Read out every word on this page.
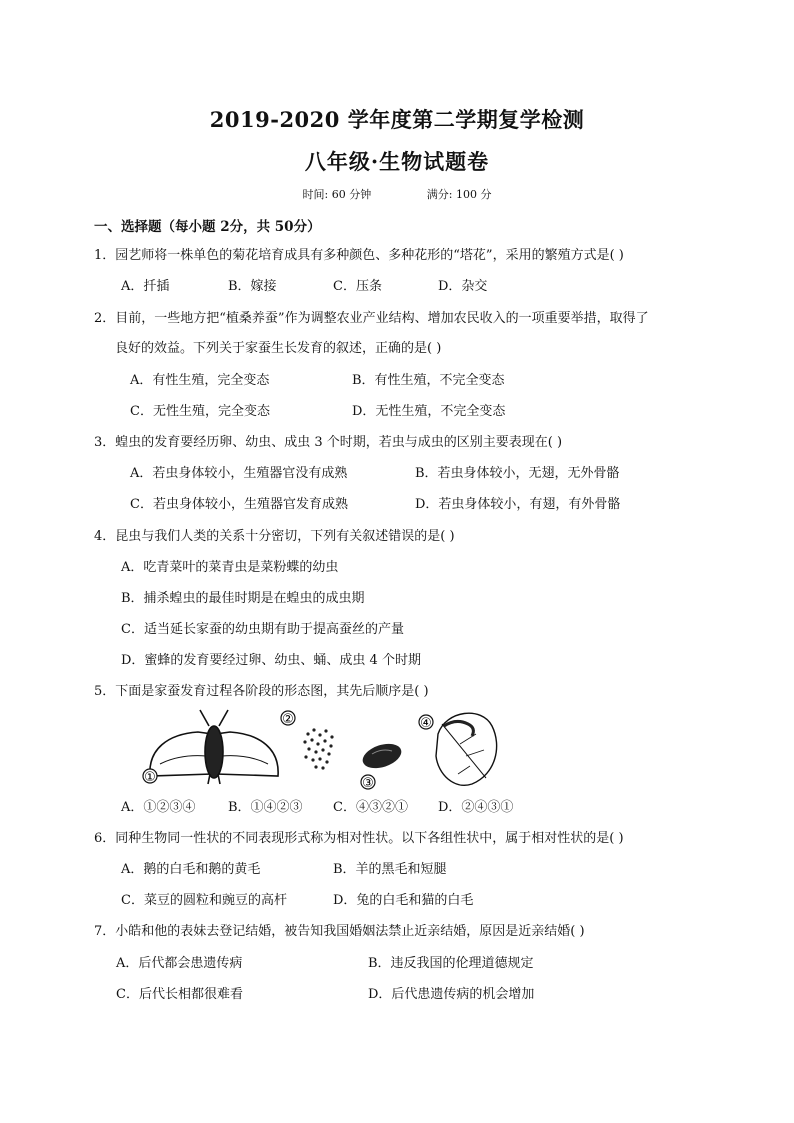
2019-2020 学年度第二学期复学检测
八年级·生物试题卷
时间: 60 分钟	满分: 100 分
一、选择题（每小题 2分，共 50分）
1．园艺师将一株单色的菊花培育成具有多种颜色、多种花形的“塔花”，采用的繁殖方式是( )
A．扦插	B．嫁接	C．压条	D．杂交
2．目前，一些地方把“植桑养蚕”作为调整农业产业结构、增加农民收入的一项重要举措，取得了
良好的效益。下列关于家蚕生长发育的叙述，正确的是( )
A．有性生殖，完全变态	B．有性生殖，不完全变态
C．无性生殖，完全变态	D．无性生殖，不完全变态
3．蝗虫的发育要经历卵、幼虫、成虫 3 个时期，若虫与成虫的区别主要表现在( )
A．若虫身体较小，生殖器官没有成熟	B．若虫身体较小，无翅，无外骨骼
C．若虫身体较小，生殖器官发育成熟	D．若虫身体较小，有翅，有外骨骼
4．昆虫与我们人类的关系十分密切，下列有关叙述错误的是( )
A．吃青菜叶的菜青虫是菜粉蝶的幼虫
B．捕杀蝗虫的最佳时期是在蝗虫的成虫期
C．适当延长家蚕的幼虫期有助于提高蚕丝的产量
D．蜜蜂的发育要经过卵、幼虫、蛹、成虫 4 个时期
5．下面是家蚕发育过程各阶段的形态图，其先后顺序是( )
①
②
③
④
A．①②③④	B．①④②③ C．④③②① D．②④③①
6．同种生物同一性状的不同表现形式称为相对性状。以下各组性状中，属于相对性状的是( )
A．鹅的白毛和鹅的黄毛	B．羊的黑毛和短腿
C．菜豆的圆粒和豌豆的高杆	D．兔的白毛和猫的白毛
7．小皓和他的表妹去登记结婚，被告知我国婚姻法禁止近亲结婚，原因是近亲结婚( )
A．后代都会患遗传病	B．违反我国的伦理道德规定
C．后代长相都很难看	D．后代患遗传病的机会增加
